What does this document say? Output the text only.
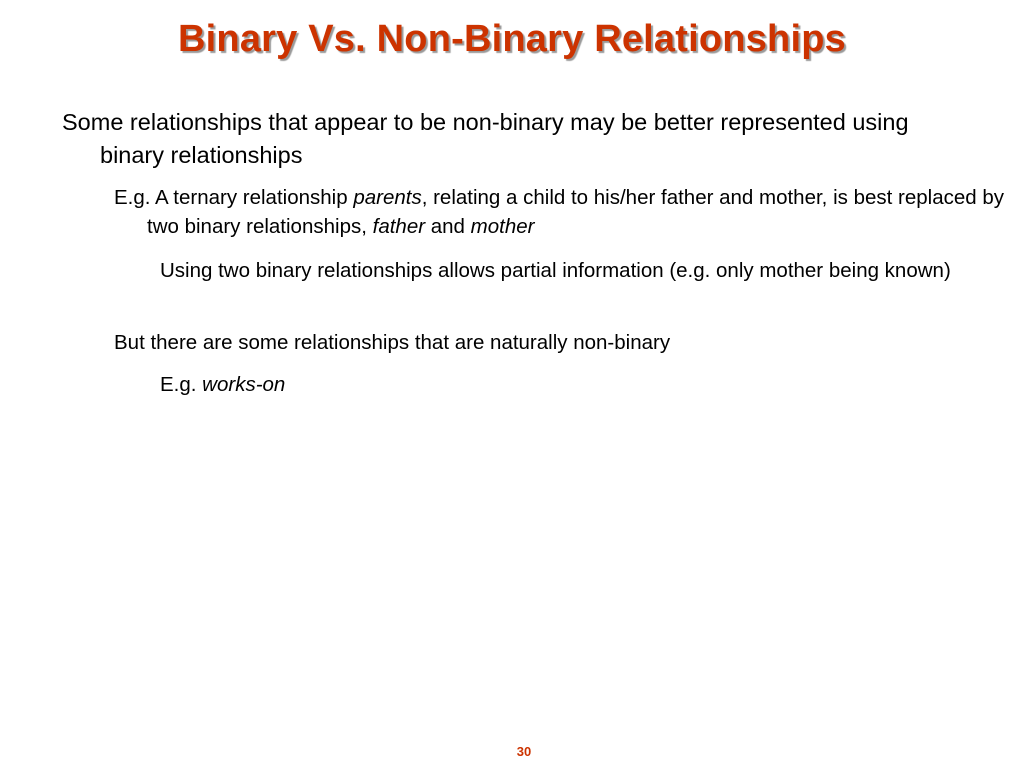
Binary Vs. Non-Binary Relationships
Some relationships that appear to be non-binary may be better represented using binary relationships
E.g. A ternary relationship parents, relating a child to his/her father and mother, is best replaced by two binary relationships, father and mother
Using two binary relationships allows partial information (e.g. only mother being known)
But there are some relationships that are naturally non-binary
E.g. works-on
30
